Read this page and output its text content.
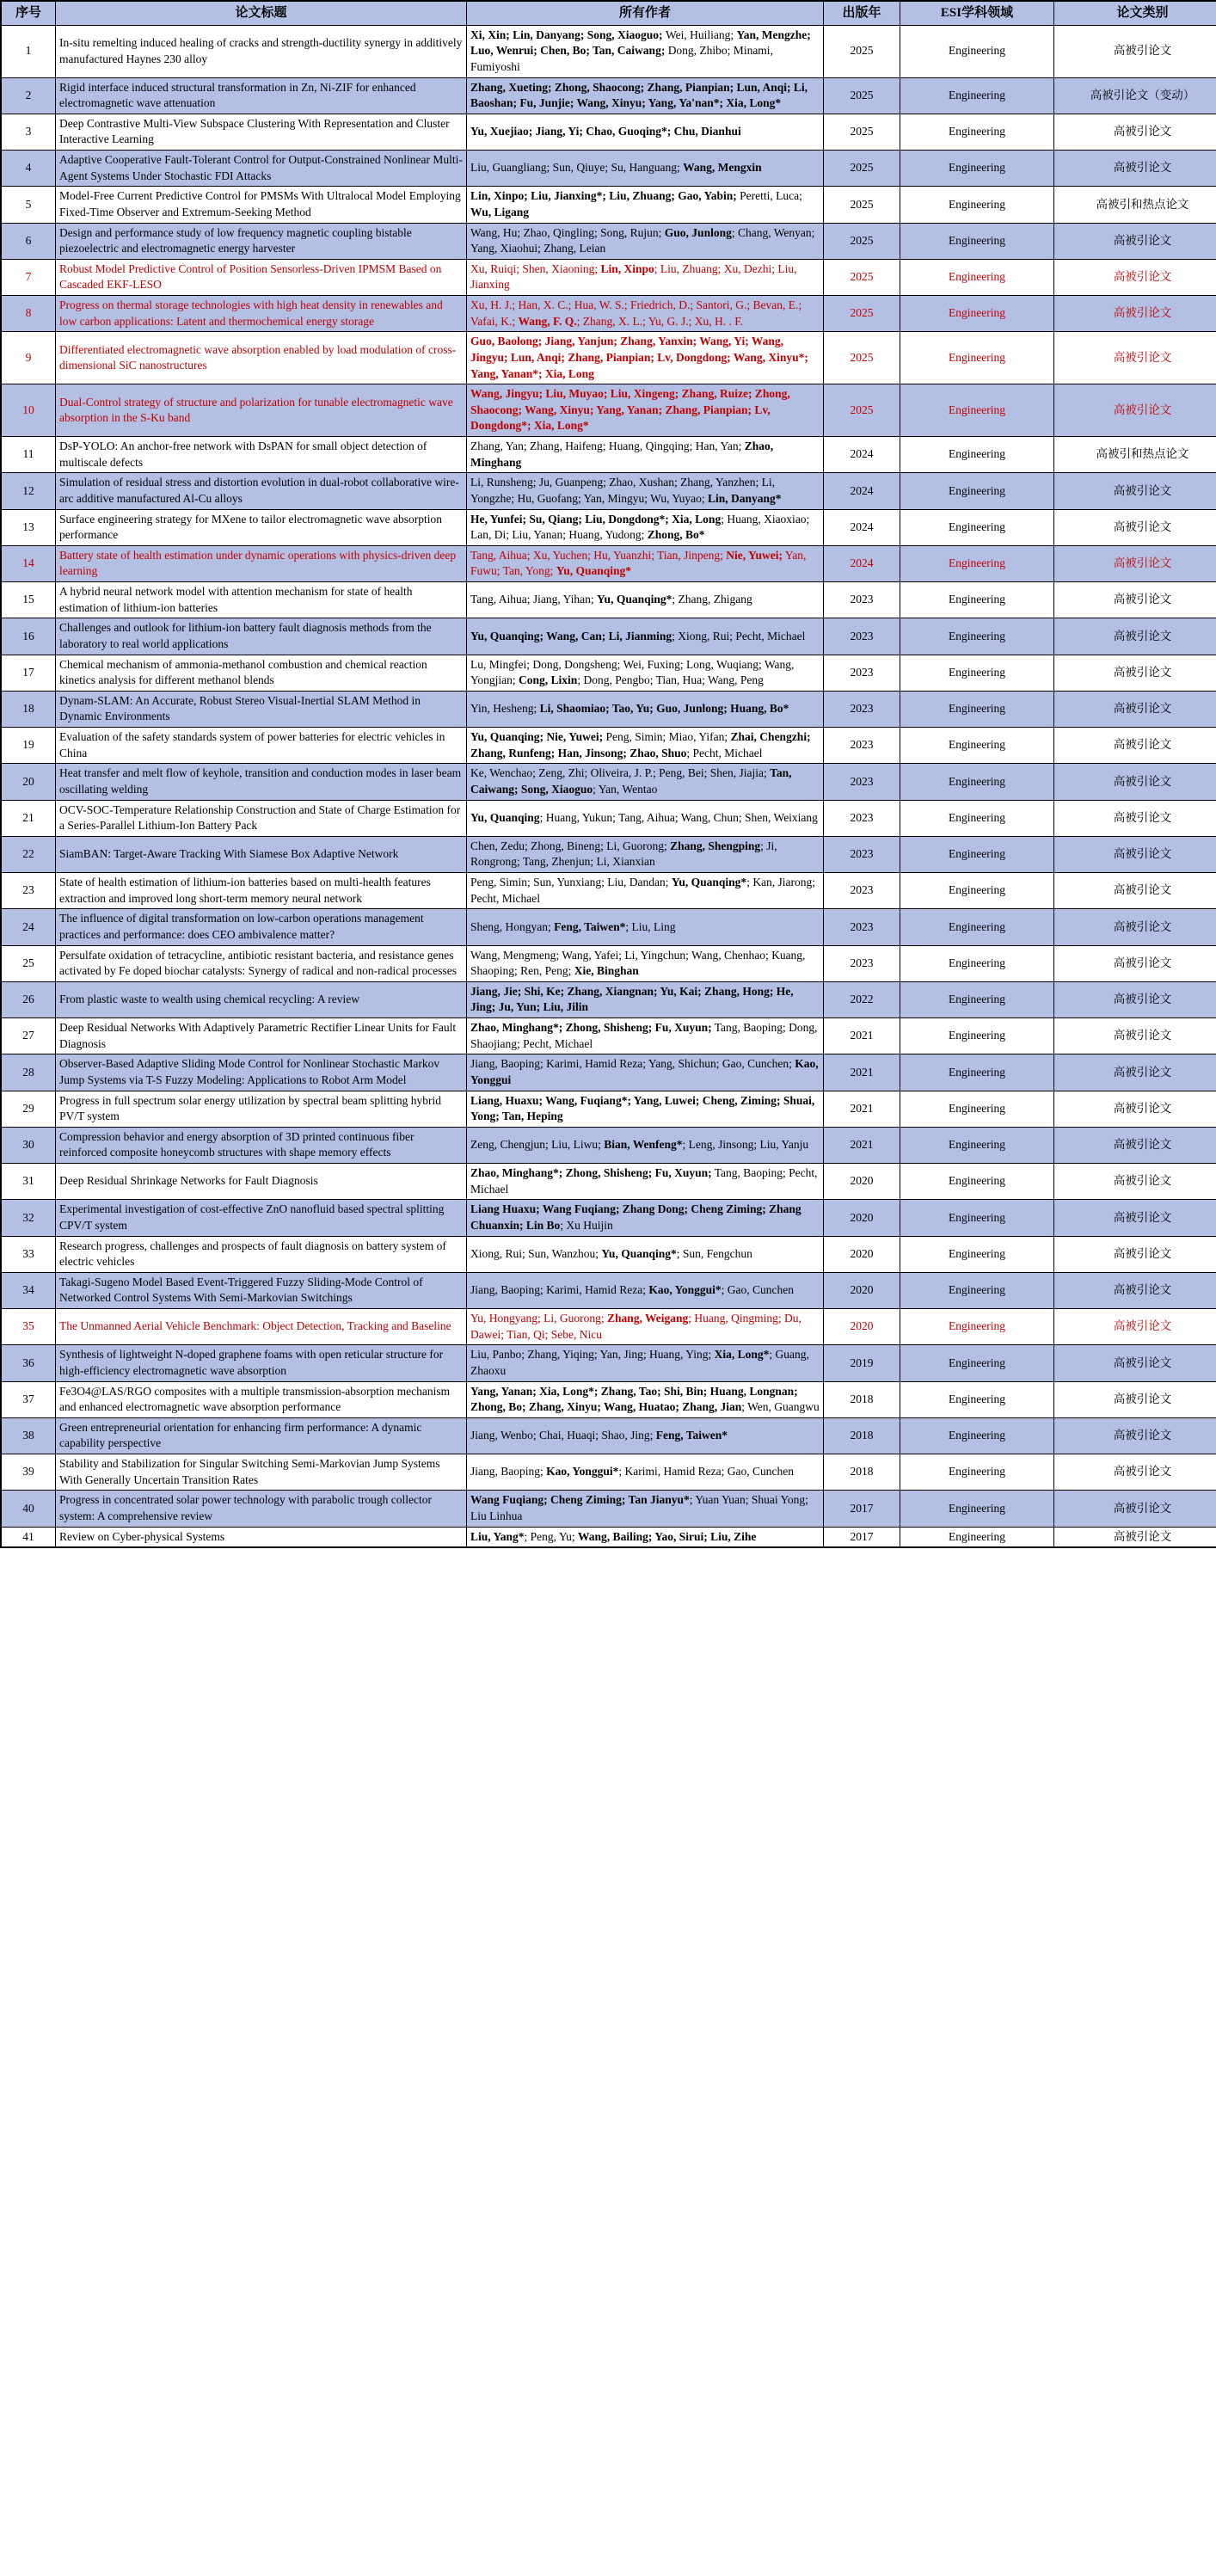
序号	论文标题	所有作者	出版年	ESI学科领域	论文类别
1	In-situ remelting induced healing of cracks and strength-ductility synergy in additively manufactured Haynes 230 alloy	Xi, Xin; Lin, Danyang; Song, Xiaoguo; Wei, Huiliang; Yan, Mengzhe; Luo, Wenrui; Chen, Bo; Tan, Caiwang; Dong, Zhibo; Minami, Fumiyoshi	2025	Engineering	高被引论文
2	Rigid interface induced structural transformation in Zn, Ni-ZIF for enhanced electromagnetic wave attenuation	Zhang, Xueting; Zhong, Shaocong; Zhang, Pianpian; Lun, Anqi; Li, Baoshan; Fu, Junjie; Wang, Xinyu; Yang, Ya'nan*; Xia, Long*	2025	Engineering	高被引论文（变动）
3	Deep Contrastive Multi-View Subspace Clustering With Representation and Cluster Interactive Learning	Yu, Xuejiao; Jiang, Yi; Chao, Guoqing*; Chu, Dianhui	2025	Engineering	高被引论文
4	Adaptive Cooperative Fault-Tolerant Control for Output-Constrained Nonlinear Multi-Agent Systems Under Stochastic FDI Attacks	Liu, Guangliang; Sun, Qiuye; Su, Hanguang; Wang, Mengxin	2025	Engineering	高被引论文
5	Model-Free Current Predictive Control for PMSMs With Ultralocal Model Employing Fixed-Time Observer and Extremum-Seeking Method	Lin, Xinpo; Liu, Jianxing*; Liu, Zhuang; Gao, Yabin; Peretti, Luca; Wu, Ligang	2025	Engineering	高被引和热点论文
6	Design and performance study of low frequency magnetic coupling bistable piezoelectric and electromagnetic energy harvester	Wang, Hu; Zhao, Qingling; Song, Rujun; Guo, Junlong; Chang, Wenyan; Yang, Xiaohui; Zhang, Leian	2025	Engineering	高被引论文
7	Robust Model Predictive Control of Position Sensorless-Driven IPMSM Based on Cascaded EKF-LESO	Xu, Ruiqi; Shen, Xiaoning; Lin, Xinpo; Liu, Zhuang; Xu, Dezhi; Liu, Jianxing	2025	Engineering	高被引论文
8	Progress on thermal storage technologies with high heat density in renewables and low carbon applications: Latent and thermochemical energy storage	Xu, H. J.; Han, X. C.; Hua, W. S.; Friedrich, D.; Santori, G.; Bevan, E.; Vafai, K.; Wang, F. Q.; Zhang, X. L.; Yu, G. J.; Xu, H. . F.	2025	Engineering	高被引论文
9	Differentiated electromagnetic wave absorption enabled by load modulation of cross-dimensional SiC nanostructures	Guo, Baolong; Jiang, Yanjun; Zhang, Yanxin; Wang, Yi; Wang, Jingyu; Lun, Anqi; Zhang, Pianpian; Lv, Dongdong; Wang, Xinyu*; Yang, Yanan*; Xia, Long	2025	Engineering	高被引论文
10	Dual-Control strategy of structure and polarization for tunable electromagnetic wave absorption in the S-Ku band	Wang, Jingyu; Liu, Muyao; Liu, Xingeng; Zhang, Ruize; Zhong, Shaocong; Wang, Xinyu; Yang, Yanan; Zhang, Pianpian; Lv, Dongdong*; Xia, Long*	2025	Engineering	高被引论文
11	DsP-YOLO: An anchor-free network with DsPAN for small object detection of multiscale defects	Zhang, Yan; Zhang, Haifeng; Huang, Qingqing; Han, Yan; Zhao, Minghang	2024	Engineering	高被引和热点论文
12	Simulation of residual stress and distortion evolution in dual-robot collaborative wire-arc additive manufactured Al-Cu alloys	Li, Runsheng; Ju, Guanpeng; Zhao, Xushan; Zhang, Yanzhen; Li, Yongzhe; Hu, Guofang; Yan, Mingyu; Wu, Yuyao; Lin, Danyang*	2024	Engineering	高被引论文
13	Surface engineering strategy for MXene to tailor electromagnetic wave absorption performance	He, Yunfei; Su, Qiang; Liu, Dongdong*; Xia, Long; Huang, Xiaoxiao; Lan, Di; Liu, Yanan; Huang, Yudong; Zhong, Bo*	2024	Engineering	高被引论文
14	Battery state of health estimation under dynamic operations with physics-driven deep learning	Tang, Aihua; Xu, Yuchen; Hu, Yuanzhi; Tian, Jinpeng; Nie, Yuwei; Yan, Fuwu; Tan, Yong; Yu, Quanqing*	2024	Engineering	高被引论文
15	A hybrid neural network model with attention mechanism for state of health estimation of lithium-ion batteries	Tang, Aihua; Jiang, Yihan; Yu, Quanqing*; Zhang, Zhigang	2023	Engineering	高被引论文
16	Challenges and outlook for lithium-ion battery fault diagnosis methods from the laboratory to real world applications	Yu, Quanqing; Wang, Can; Li, Jianming; Xiong, Rui; Pecht, Michael	2023	Engineering	高被引论文
17	Chemical mechanism of ammonia-methanol combustion and chemical reaction kinetics analysis for different methanol blends	Lu, Mingfei; Dong, Dongsheng; Wei, Fuxing; Long, Wuqiang; Wang, Yongjian; Cong, Lixin; Dong, Pengbo; Tian, Hua; Wang, Peng	2023	Engineering	高被引论文
18	Dynam-SLAM: An Accurate, Robust Stereo Visual-Inertial SLAM Method in Dynamic Environments	Yin, Hesheng; Li, Shaomiao; Tao, Yu; Guo, Junlong; Huang, Bo*	2023	Engineering	高被引论文
19	Evaluation of the safety standards system of power batteries for electric vehicles in China	Yu, Quanqing; Nie, Yuwei; Peng, Simin; Miao, Yifan; Zhai, Chengzhi; Zhang, Runfeng; Han, Jinsong; Zhao, Shuo; Pecht, Michael	2023	Engineering	高被引论文
20	Heat transfer and melt flow of keyhole, transition and conduction modes in laser beam oscillating welding	Ke, Wenchao; Zeng, Zhi; Oliveira, J. P.; Peng, Bei; Shen, Jiajia; Tan, Caiwang; Song, Xiaoguo; Yan, Wentao	2023	Engineering	高被引论文
21	OCV-SOC-Temperature Relationship Construction and State of Charge Estimation for a Series-Parallel Lithium-Ion Battery Pack	Yu, Quanqing; Huang, Yukun; Tang, Aihua; Wang, Chun; Shen, Weixiang	2023	Engineering	高被引论文
22	SiamBAN: Target-Aware Tracking With Siamese Box Adaptive Network	Chen, Zedu; Zhong, Bineng; Li, Guorong; Zhang, Shengping; Ji, Rongrong; Tang, Zhenjun; Li, Xianxian	2023	Engineering	高被引论文
23	State of health estimation of lithium-ion batteries based on multi-health features extraction and improved long short-term memory neural network	Peng, Simin; Sun, Yunxiang; Liu, Dandan; Yu, Quanqing*; Kan, Jiarong; Pecht, Michael	2023	Engineering	高被引论文
24	The influence of digital transformation on low-carbon operations management practices and performance: does CEO ambivalence matter?	Sheng, Hongyan; Feng, Taiwen*; Liu, Ling	2023	Engineering	高被引论文
25	Persulfate oxidation of tetracycline, antibiotic resistant bacteria, and resistance genes activated by Fe doped biochar catalysts: Synergy of radical and non-radical processes	Wang, Mengmeng; Wang, Yafei; Li, Yingchun; Wang, Chenhao; Kuang, Shaoping; Ren, Peng; Xie, Binghan	2023	Engineering	高被引论文
26	From plastic waste to wealth using chemical recycling: A review	Jiang, Jie; Shi, Ke; Zhang, Xiangnan; Yu, Kai; Zhang, Hong; He, Jing; Ju, Yun; Liu, Jilin	2022	Engineering	高被引论文
27	Deep Residual Networks With Adaptively Parametric Rectifier Linear Units for Fault Diagnosis	Zhao, Minghang*; Zhong, Shisheng; Fu, Xuyun; Tang, Baoping; Dong, Shaojiang; Pecht, Michael	2021	Engineering	高被引论文
28	Observer-Based Adaptive Sliding Mode Control for Nonlinear Stochastic Markov Jump Systems via T-S Fuzzy Modeling: Applications to Robot Arm Model	Jiang, Baoping; Karimi, Hamid Reza; Yang, Shichun; Gao, Cunchen; Kao, Yonggui	2021	Engineering	高被引论文
29	Progress in full spectrum solar energy utilization by spectral beam splitting hybrid PV/T system	Liang, Huaxu; Wang, Fuqiang*; Yang, Luwei; Cheng, Ziming; Shuai, Yong; Tan, Heping	2021	Engineering	高被引论文
30	Compression behavior and energy absorption of 3D printed continuous fiber reinforced composite honeycomb structures with shape memory effects	Zeng, Chengjun; Liu, Liwu; Bian, Wenfeng*; Leng, Jinsong; Liu, Yanju	2021	Engineering	高被引论文
31	Deep Residual Shrinkage Networks for Fault Diagnosis	Zhao, Minghang*; Zhong, Shisheng; Fu, Xuyun; Tang, Baoping; Pecht, Michael	2020	Engineering	高被引论文
32	Experimental investigation of cost-effective ZnO nanofluid based spectral splitting CPV/T system	Liang Huaxu; Wang Fuqiang; Zhang Dong; Cheng Ziming; Zhang Chuanxin; Lin Bo; Xu Huijin	2020	Engineering	高被引论文
33	Research progress, challenges and prospects of fault diagnosis on battery system of electric vehicles	Xiong, Rui; Sun, Wanzhou; Yu, Quanqing*; Sun, Fengchun	2020	Engineering	高被引论文
34	Takagi-Sugeno Model Based Event-Triggered Fuzzy Sliding-Mode Control of Networked Control Systems With Semi-Markovian Switchings	Jiang, Baoping; Karimi, Hamid Reza; Kao, Yonggui*; Gao, Cunchen	2020	Engineering	高被引论文
35	The Unmanned Aerial Vehicle Benchmark: Object Detection, Tracking and Baseline	Yu, Hongyang; Li, Guorong; Zhang, Weigang; Huang, Qingming; Du, Dawei; Tian, Qi; Sebe, Nicu	2020	Engineering	高被引论文
36	Synthesis of lightweight N-doped graphene foams with open reticular structure for high-efficiency electromagnetic wave absorption	Liu, Panbo; Zhang, Yiqing; Yan, Jing; Huang, Ying; Xia, Long*; Guang, Zhaoxu	2019	Engineering	高被引论文
37	Fe3O4@LAS/RGO composites with a multiple transmission-absorption mechanism and enhanced electromagnetic wave absorption performance	Yang, Yanan; Xia, Long*; Zhang, Tao; Shi, Bin; Huang, Longnan; Zhong, Bo; Zhang, Xinyu; Wang, Huatao; Zhang, Jian; Wen, Guangwu	2018	Engineering	高被引论文
38	Green entrepreneurial orientation for enhancing firm performance: A dynamic capability perspective	Jiang, Wenbo; Chai, Huaqi; Shao, Jing; Feng, Taiwen*	2018	Engineering	高被引论文
39	Stability and Stabilization for Singular Switching Semi-Markovian Jump Systems With Generally Uncertain Transition Rates	Jiang, Baoping; Kao, Yonggui*; Karimi, Hamid Reza; Gao, Cunchen	2018	Engineering	高被引论文
40	Progress in concentrated solar power technology with parabolic trough collector system: A comprehensive review	Wang Fuqiang; Cheng Ziming; Tan Jianyu*; Yuan Yuan; Shuai Yong; Liu Linhua	2017	Engineering	高被引论文
41	Review on Cyber-physical Systems	Liu, Yang*; Peng, Yu; Wang, Bailing; Yao, Sirui; Liu, Zihe	2017	Engineering	高被引论文
